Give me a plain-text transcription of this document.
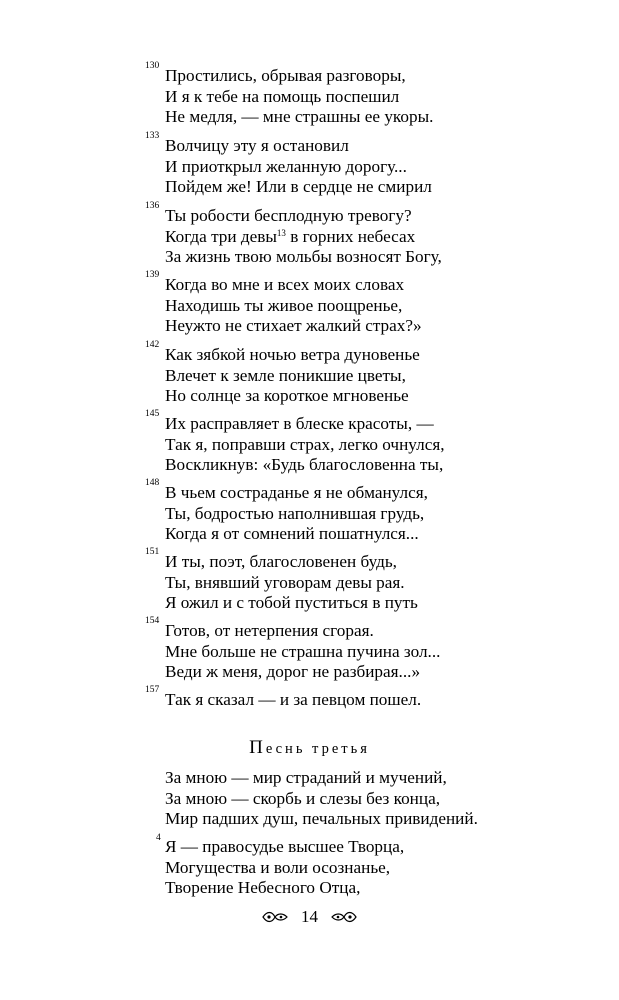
130 Простились, обрывая разговоры,
И я к тебе на помощь поспешил
Не медля, — мне страшны ее укоры.
133 Волчицу эту я остановил
И приоткрыл желанную дорогу...
Пойдем же! Или в сердце не смирил
136 Ты робости бесплодную тревогу?
Когда три девы$^{13}$ в горних небесах
За жизнь твою мольбы возносят Богу,
139 Когда во мне и всех моих словах
Находишь ты живое поощренье,
Неужто не стихает жалкий страх?»
142 Как зябкой ночью ветра дуновенье
Влечет к земле поникшие цветы,
Но солнце за короткое мгновенье
145 Их расправляет в блеске красоты, —
Так я, поправши страх, легко очнулся,
Воскликнув: «Будь благословенна ты,
148 В чьем состраданье я не обманулся,
Ты, бодростью наполнившая грудь,
Когда я от сомнений пошатнулся...
151 И ты, поэт, благословенен будь,
Ты, внявший уговорам девы рая.
Я ожил и с тобой пуститься в путь
154 Готов, от нетерпения сгорая.
Мне больше не страшна пучина зол...
Веди ж меня, дорог не разбирая...»
157 Так я сказал — и за певцом пошел.
Песнь третья
За мною — мир страданий и мучений,
За мною — скорбь и слезы без конца,
Мир падших душ, печальных привидений.
4 Я — правосудье высшее Творца,
Могущества и воли осознанье,
Творение Небесного Отца,
14
